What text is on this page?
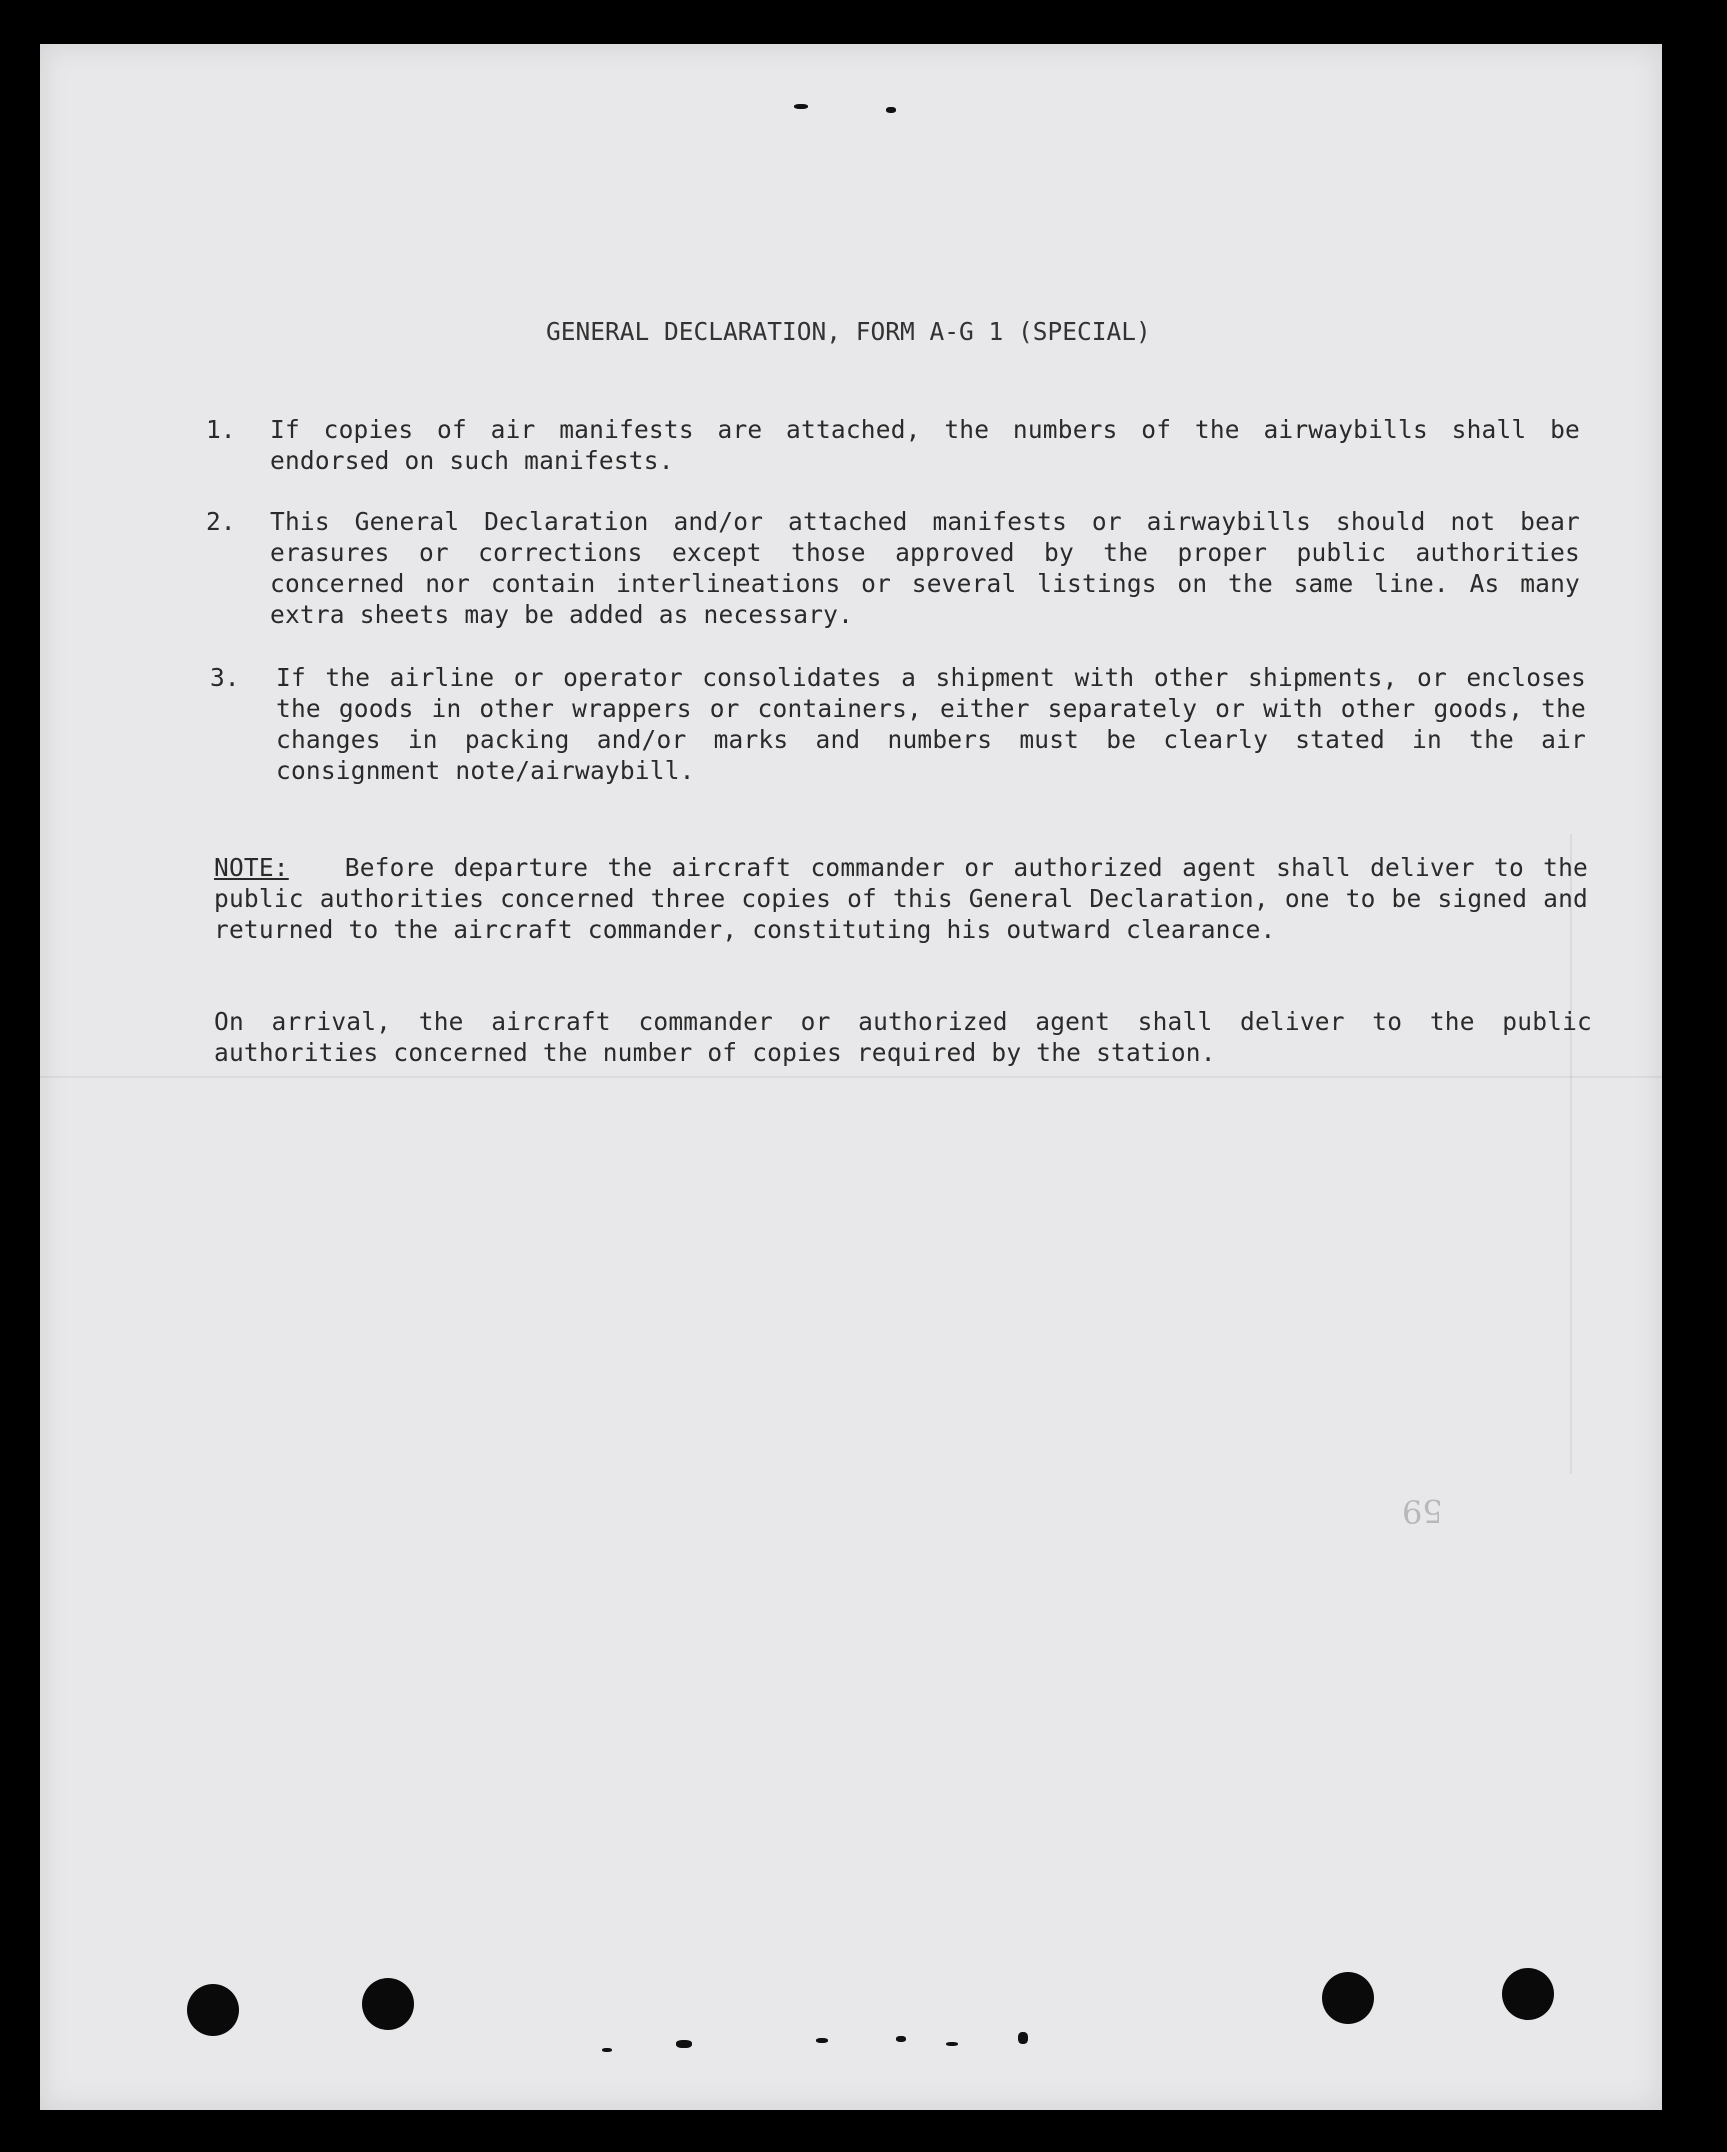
GENERAL DECLARATION, FORM A-G 1 (SPECIAL)
1. If copies of air manifests are attached, the numbers of the airwaybills shall be endorsed on such manifests.
2. This General Declaration and/or attached manifests or airwaybills should not bear erasures or corrections except those approved by the proper public authorities concerned nor contain interlineations or several listings on the same line. As many extra sheets may be added as necessary.
3. If the airline or operator consolidates a shipment with other shipments, or encloses the goods in other wrappers or containers, either separately or with other goods, the changes in packing and/or marks and numbers must be clearly stated in the air consignment note/airwaybill.
NOTE: Before departure the aircraft commander or authorized agent shall deliver to the public authorities concerned three copies of this General Declaration, one to be signed and returned to the aircraft commander, constituting his outward clearance.
On arrival, the aircraft commander or authorized agent shall deliver to the public authorities concerned the number of copies required by the station.
59
